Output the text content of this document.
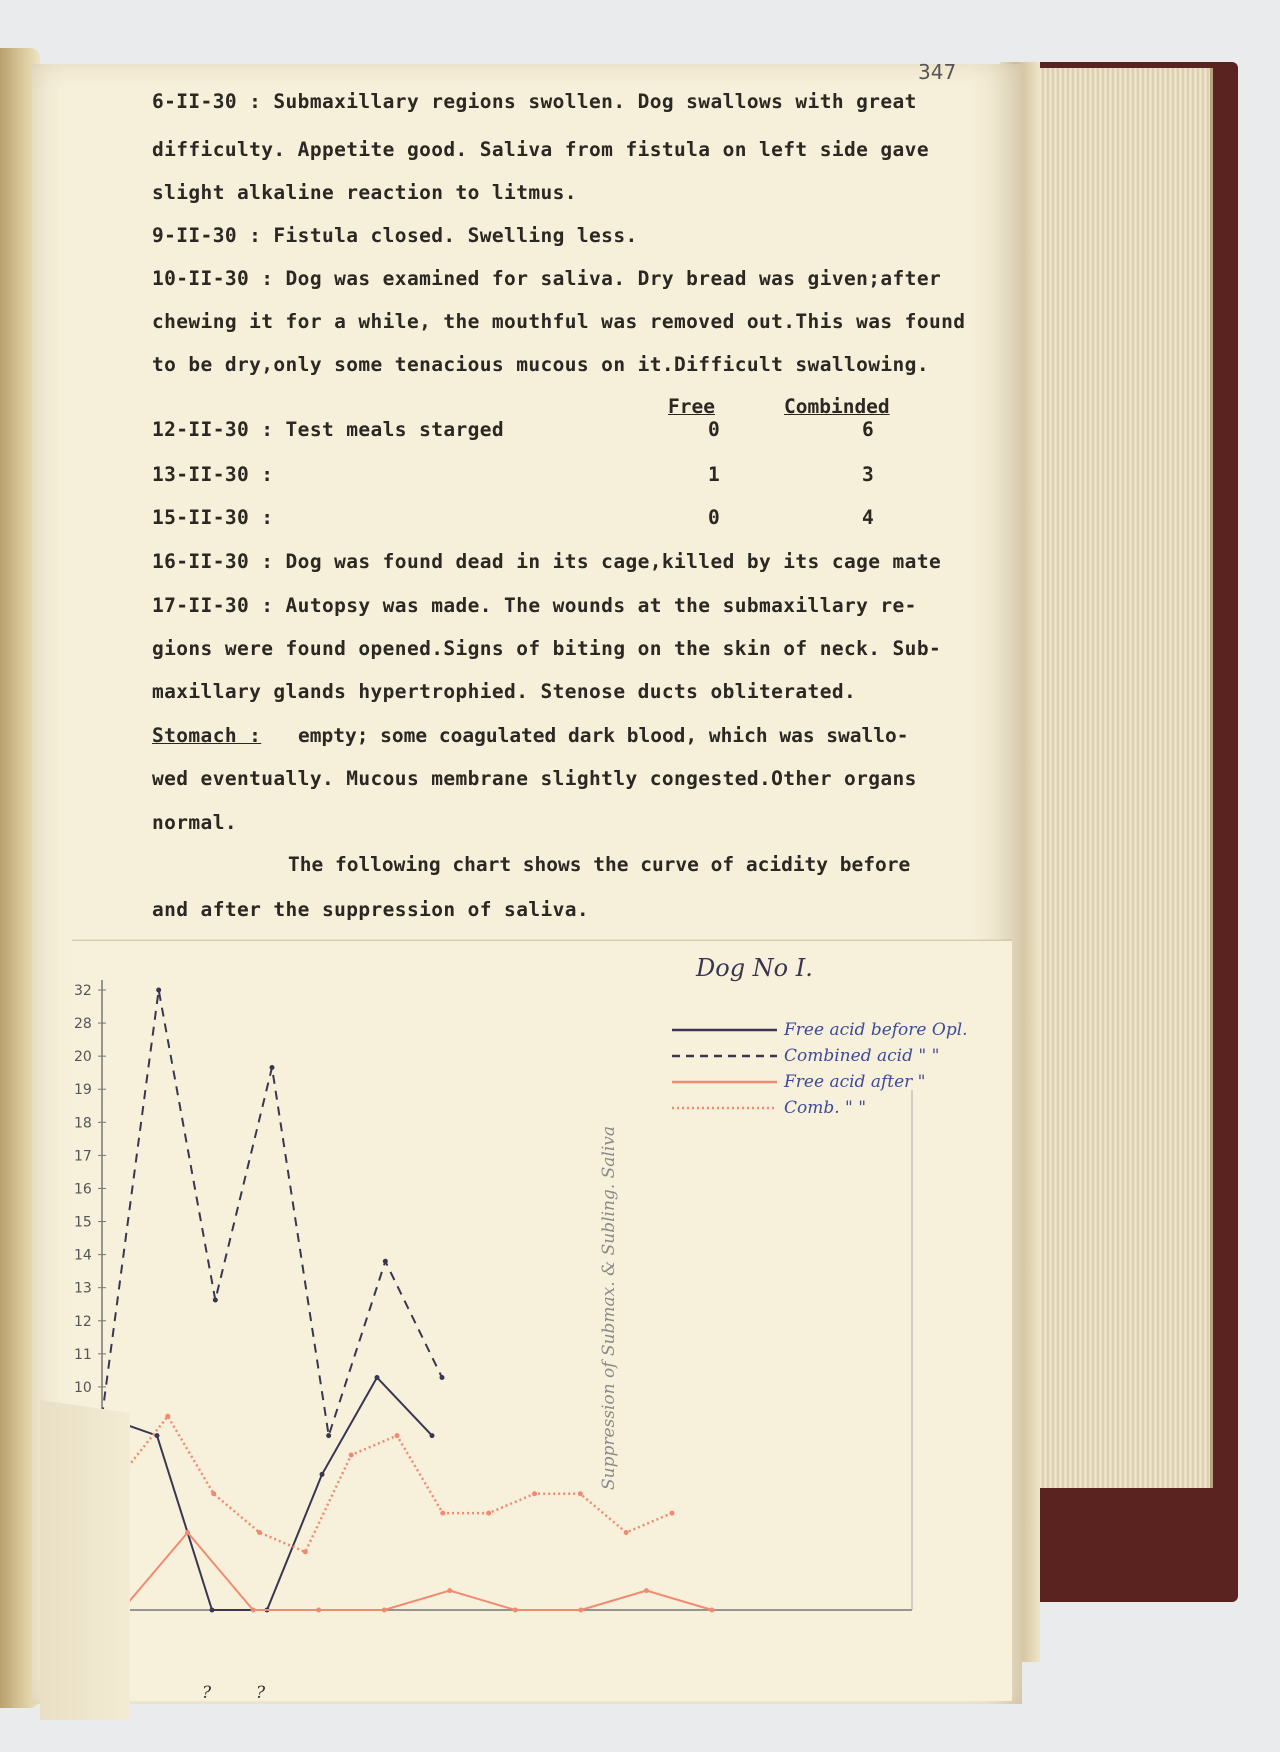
347
6-II-30 : Submaxillary regions swollen. Dog swallows with great
difficulty. Appetite good. Saliva from fistula on left side gave
slight alkaline reaction to litmus.
9-II-30 : Fistula closed. Swelling less.
10-II-30 : Dog was examined for saliva. Dry bread was given;after
chewing it for a while, the mouthful was removed out.This was found
to be dry,only some tenacious mucous on it.Difficult swallowing.
Free	Combinded
12-II-30 : Test meals starged	0	6
13-II-30 :	1	3
15-II-30 :	0	4
16-II-30 : Dog was found dead in its cage,killed by its cage mate
17-II-30 : Autopsy was made. The wounds at the submaxillary re-
gions were found opened.Signs of biting on the skin of neck. Sub-
maxillary glands hypertrophied. Stenose ducts obliterated.
Stomach : empty; some coagulated dark blood, which was swallo-
wed eventually. Mucous membrane slightly congested.Other organs
normal.
The following chart shows the curve of acidity before
and after the suppression of saliva.
32
28
20
19
18
17
16
15
14
13
12
11
10
Free acid before Opl.
Combined acid " "
Free acid after "
Comb. " "
Dog No I.
Suppression of Submax. & Subling. Saliva
?	?
